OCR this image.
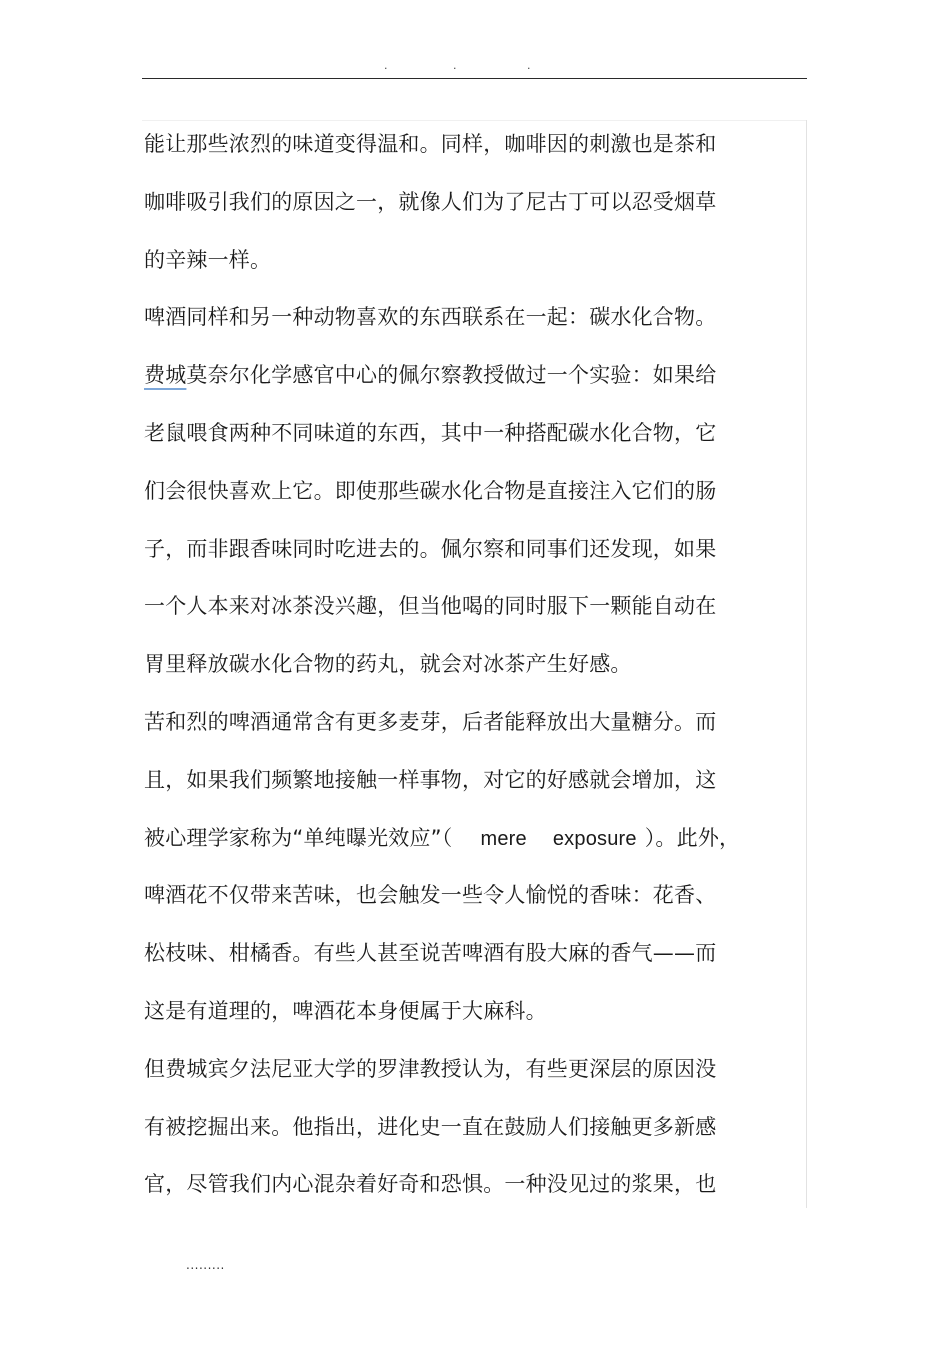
.	.	.
能让那些浓烈的味道变得温和。同样，咖啡因的刺激也是茶和
咖啡吸引我们的原因之一，就像人们为了尼古丁可以忍受烟草
的辛辣一样。
啤酒同样和另一种动物喜欢的东西联系在一起：碳水化合物。
费城莫奈尔化学感官中心的佩尔察教授做过一个实验：如果给
老鼠喂食两种不同味道的东西，其中一种搭配碳水化合物，它
们会很快喜欢上它。即使那些碳水化合物是直接注入它们的肠
子，而非跟香味同时吃进去的。佩尔察和同事们还发现，如果
一个人本来对冰茶没兴趣，但当他喝的同时服下一颗能自动在
胃里释放碳水化合物的药丸，就会对冰茶产生好感。
苦和烈的啤酒通常含有更多麦芽，后者能释放出大量糖分。而
且，如果我们频繁地接触一样事物，对它的好感就会增加，这
被心理学家称为“单纯曝光效应”（ mere exposure ）。此外，
啤酒花不仅带来苦味，也会触发一些令人愉悦的香味：花香、
松枝味、柑橘香。有些人甚至说苦啤酒有股大麻的香气——而
这是有道理的，啤酒花本身便属于大麻科。
但费城宾夕法尼亚大学的罗津教授认为，有些更深层的原因没
有被挖掘出来。他指出，进化史一直在鼓励人们接触更多新感
官，尽管我们内心混杂着好奇和恐惧。一种没见过的浆果，也
.........
